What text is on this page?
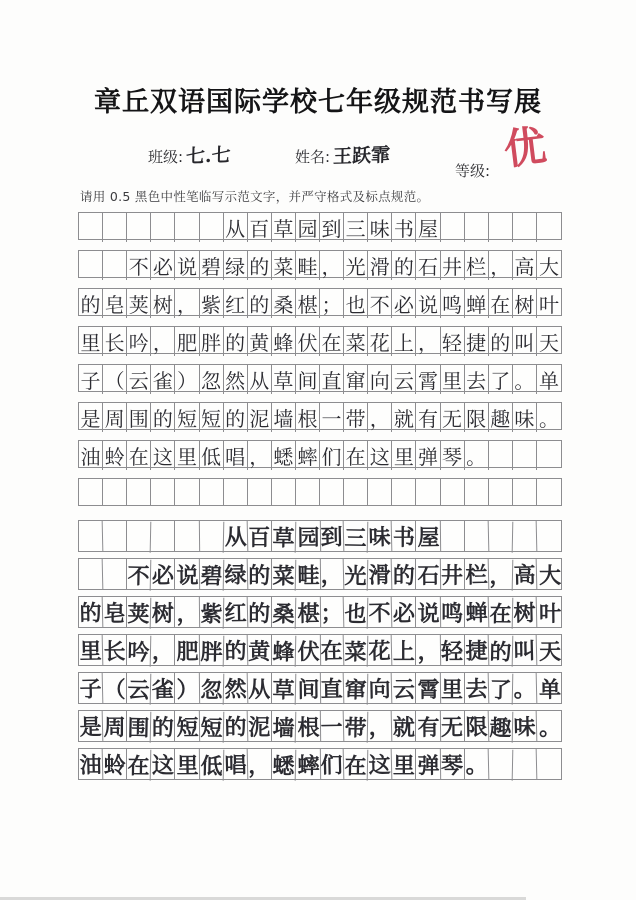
章丘双语国际学校七年级规范书写展
班级: 七.七	姓名: 王跃霏
等级: 优
请用 0.5 黑色中性笔临写示范文字，并严守格式及标点规范。
从 百 草 园 到 三 味 书 屋
不 必 说 碧 绿 的 菜 畦 ， 光 滑 的 石 井 栏 ， 高 大
的 皂 荚 树 ， 紫 红 的 桑 椹 ； 也 不 必 说 鸣 蝉 在 树 叶
里 长 吟 ， 肥 胖 的 黄 蜂 伏 在 菜 花 上 ， 轻 捷 的 叫 天
子 （ 云 雀 ） 忽 然 从 草 间 直 窜 向 云 霄 里 去 了 。 单
是 周 围 的 短 短 的 泥 墙 根 一 带 ， 就 有 无 限 趣 味 。
油 蛉 在 这 里 低 唱 ， 蟋 蟀 们 在 这 里 弹 琴 。
从 百 草 园 到 三 味 书 屋
不 必 说 碧 绿 的 菜 畦 ， 光 滑 的 石 井 栏 ， 高 大
的 皂 荚 树 ， 紫 红 的 桑 椹 ； 也 不 必 说 鸣 蝉 在 树 叶
里 长 吟 ， 肥 胖 的 黄 蜂 伏 在 菜 花 上 ， 轻 捷 的 叫 天
子 （ 云 雀 ） 忽 然 从 草 间 直 窜 向 云 霄 里 去 了 。 单
是 周 围 的 短 短 的 泥 墙 根 一 带 ， 就 有 无 限 趣 味 。
油 蛉 在 这 里 低 唱 ， 蟋 蟀 们 在 这 里 弹 琴 。
